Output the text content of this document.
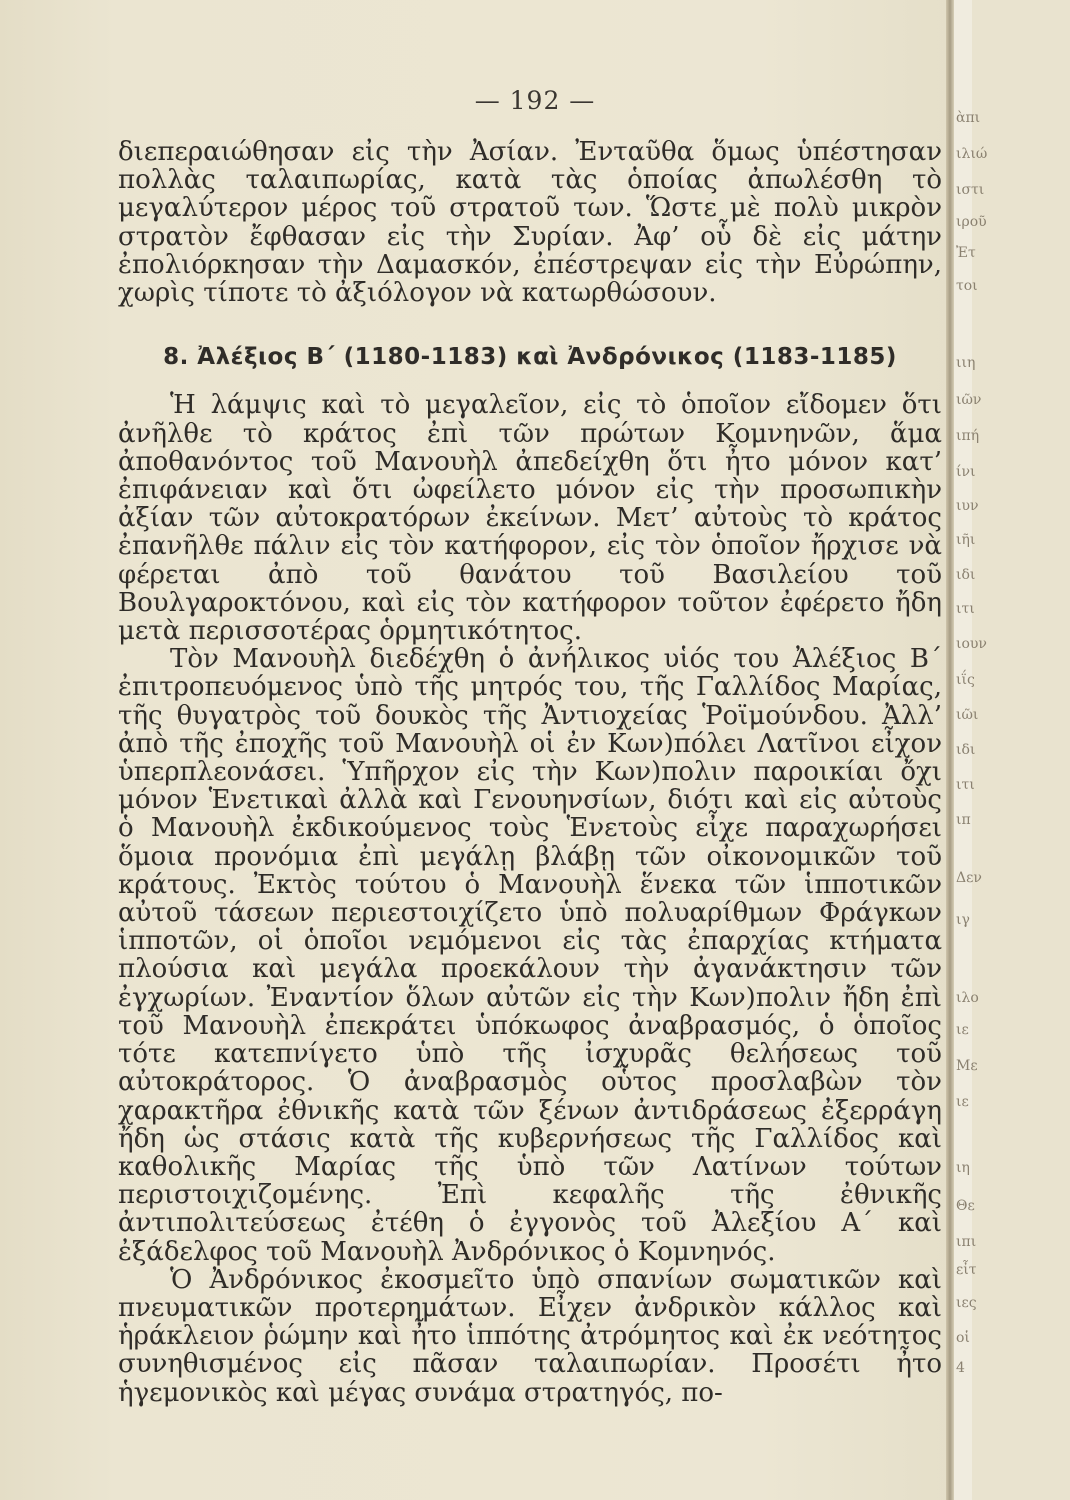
— 192 —

διεπεραιώθησαν εἰς τὴν Ἀσίαν. Ἐνταῦθα ὅμως ὑπέστησαν πολλὰς ταλαιπωρίας, κατὰ τὰς ὁποίας ἀπωλέσθη τὸ μεγαλύτερον μέρος τοῦ στρατοῦ των. Ὥστε μὲ πολὺ μικρὸν στρατὸν ἔφθασαν εἰς τὴν Συρίαν. Ἀφ’ οὗ δὲ εἰς μάτην ἐπολιόρκησαν τὴν Δαμασκόν, ἐπέστρεψαν εἰς τὴν Εὐρώπην, χωρὶς τίποτε τὸ ἀξιόλογον νὰ κατωρθώσουν.

8. Ἀλέξιος Β΄ (1180-1183) καὶ Ἀνδρόνικος (1183-1185)

Ἡ λάμψις καὶ τὸ μεγαλεῖον, εἰς τὸ ὁποῖον εἴδομεν ὅτι ἀνῆλθε τὸ κράτος ἐπὶ τῶν πρώτων Κομνηνῶν, ἅμα ἀποθανόντος τοῦ Μανουὴλ ἀπεδείχθη ὅτι ἦτο μόνον κατ’ ἐπιφάνειαν καὶ ὅτι ὠφείλετο μόνον εἰς τὴν προσωπικὴν ἀξίαν τῶν αὐτοκρατόρων ἐκείνων. Μετ’ αὐτοὺς τὸ κράτος ἐπανῆλθε πάλιν εἰς τὸν κατήφορον, εἰς τὸν ὁποῖον ἤρχισε νὰ φέρεται ἀπὸ τοῦ θανάτου τοῦ Βασιλείου τοῦ Βουλγαροκτόνου, καὶ εἰς τὸν κατήφορον τοῦτον ἐφέρετο ἤδη μετὰ περισσοτέρας ὁρμητικότητος.

Τὸν Μανουὴλ διεδέχθη ὁ ἀνήλικος υἱός του Ἀλέξιος Β΄ ἐπιτροπευόμενος ὑπὸ τῆς μητρός του, τῆς Γαλλίδος Μαρίας, τῆς θυγατρὸς τοῦ δουκὸς τῆς Ἀντιοχείας Ῥοϊμούνδου. Ἀλλ’ ἀπὸ τῆς ἐποχῆς τοῦ Μανουὴλ οἱ ἐν Κων)πόλει Λατῖνοι εἶχον ὑπερπλεονάσει. Ὑπῆρχον εἰς τὴν Κων)πολιν παροικίαι ὄχι μόνον Ἑνετικαὶ ἀλλὰ καὶ Γενουηνσίων, διότι καὶ εἰς αὐτοὺς ὁ Μανουὴλ ἐκδικούμενος τοὺς Ἑνετοὺς εἶχε παραχωρήσει ὅμοια προνόμια ἐπὶ μεγάλῃ βλάβῃ τῶν οἰκονομικῶν τοῦ κράτους. Ἐκτὸς τούτου ὁ Μανουὴλ ἕνεκα τῶν ἱπποτικῶν αὐτοῦ τάσεων περιεστοιχίζετο ὑπὸ πολυαρίθμων Φράγκων ἱπποτῶν, οἱ ὁποῖοι νεμόμενοι εἰς τὰς ἐπαρχίας κτήματα πλούσια καὶ μεγάλα προεκάλουν τὴν ἀγανάκτησιν τῶν ἐγχωρίων. Ἐναντίον ὅλων αὐτῶν εἰς τὴν Κων)πολιν ἤδη ἐπὶ τοῦ Μανουὴλ ἐπεκράτει ὑπόκωφος ἀναβρασμός, ὁ ὁποῖος τότε κατεπνίγετο ὑπὸ τῆς ἰσχυρᾶς θελήσεως τοῦ αὐτοκράτορος. Ὁ ἀναβρασμὸς οὗτος προσλαβὼν τὸν χαρακτῆρα ἐθνικῆς κατὰ τῶν ξένων ἀντιδράσεως ἐξερράγη ἤδη ὡς στάσις κατὰ τῆς κυβερνήσεως τῆς Γαλλίδος καὶ καθολικῆς Μαρίας τῆς ὑπὸ τῶν Λατίνων τούτων περιστοιχιζομένης. Ἐπὶ κεφαλῆς τῆς ἐθνικῆς ἀντιπολιτεύσεως ἐτέθη ὁ ἐγγονὸς τοῦ Ἀλεξίου Α΄ καὶ ἐξάδελφος τοῦ Μανουὴλ Ἀνδρόνικος ὁ Κομνηνός.

Ὁ Ἀνδρόνικος ἐκοσμεῖτο ὑπὸ σπανίων σωματικῶν καὶ πνευματικῶν προτερημάτων. Εἶχεν ἀνδρικὸν κάλλος καὶ ἡράκλειον ῥώμην καὶ ἦτο ἱππότης ἀτρόμητος καὶ ἐκ νεότητος συνηθισμένος εἰς πᾶσαν ταλαιπωρίαν. Προσέτι ἦτο ἡγεμονικὸς καὶ μέγας συνάμα στρατηγός, πο-

ὰπι
ιλιώ
ιστι
ιροῦ
Ἐτ
τοι
ιιη
ιῶν
ιπή
ίνι
ιυν
ιῆι
ιδι
ιτι
ιουν
ιΐς
ιῶι
ιδι
ιτι
ιπ
Δεν
ιγ
ιλο
ιε
Με
ιε
ιη
Θε
ιπι
εἶτ
ιες
οἱ
4
